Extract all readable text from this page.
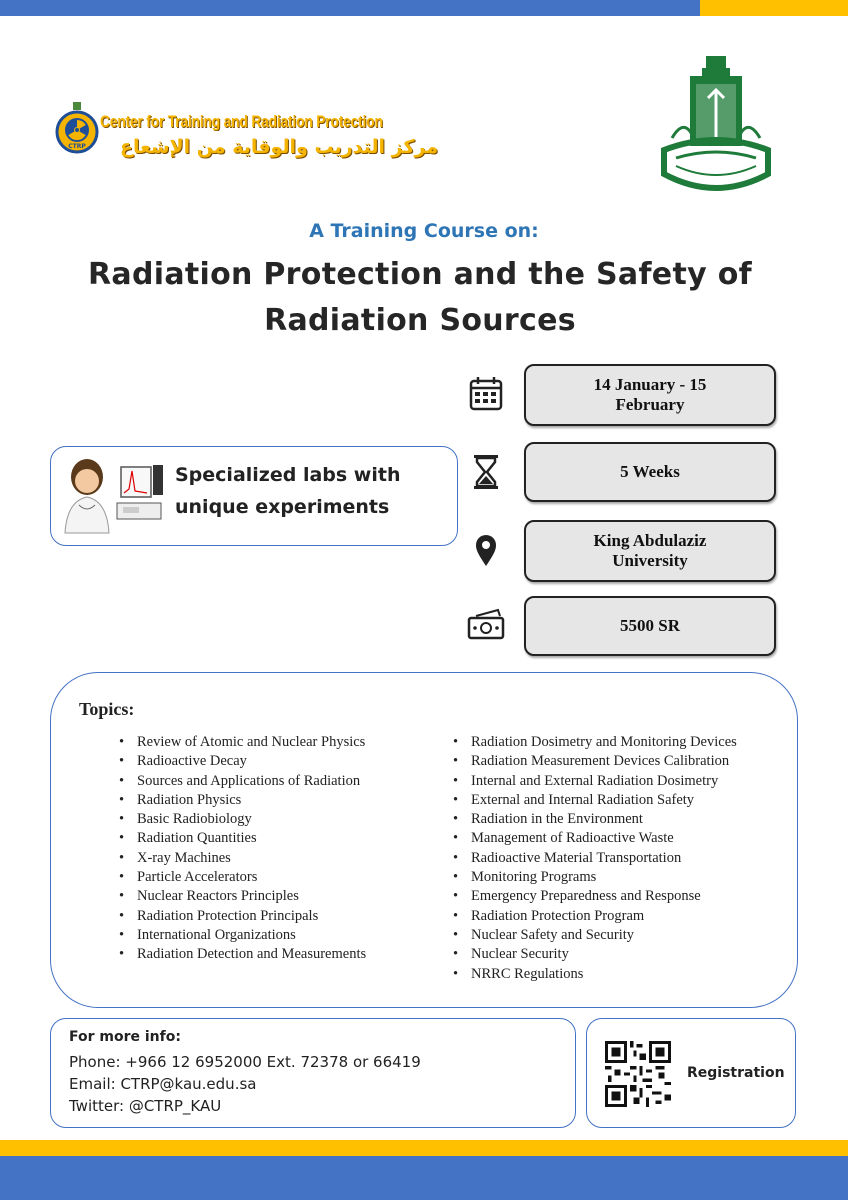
CTRP
Center for Training and Radiation Protection
مركز التدريب والوقاية من الإشعاع
A Training Course on:
Radiation Protection and the Safety of Radiation Sources
14 January - 15 February
5 Weeks
King Abdulaziz University
5500 SR
Specialized labs with unique experiments
Topics:
• Review of Atomic and Nuclear Physics
• Radioactive Decay
• Sources and Applications of Radiation
• Radiation Physics
• Basic Radiobiology
• Radiation Quantities
• X-ray Machines
• Particle Accelerators
• Nuclear Reactors Principles
• Radiation Protection Principals
• International Organizations
• Radiation Detection and Measurements
• Radiation Dosimetry and Monitoring Devices
• Radiation Measurement Devices Calibration
• Internal and External Radiation Dosimetry
• External and Internal Radiation Safety
• Radiation in the Environment
• Management of Radioactive Waste
• Radioactive Material Transportation
• Monitoring Programs
• Emergency Preparedness and Response
• Radiation Protection Program
• Nuclear Safety and Security
• Nuclear Security
• NRRC Regulations
For more info:
Phone: +966 12 6952000 Ext. 72378 or 66419
Email: CTRP@kau.edu.sa
Twitter: @CTRP_KAU
Registration
